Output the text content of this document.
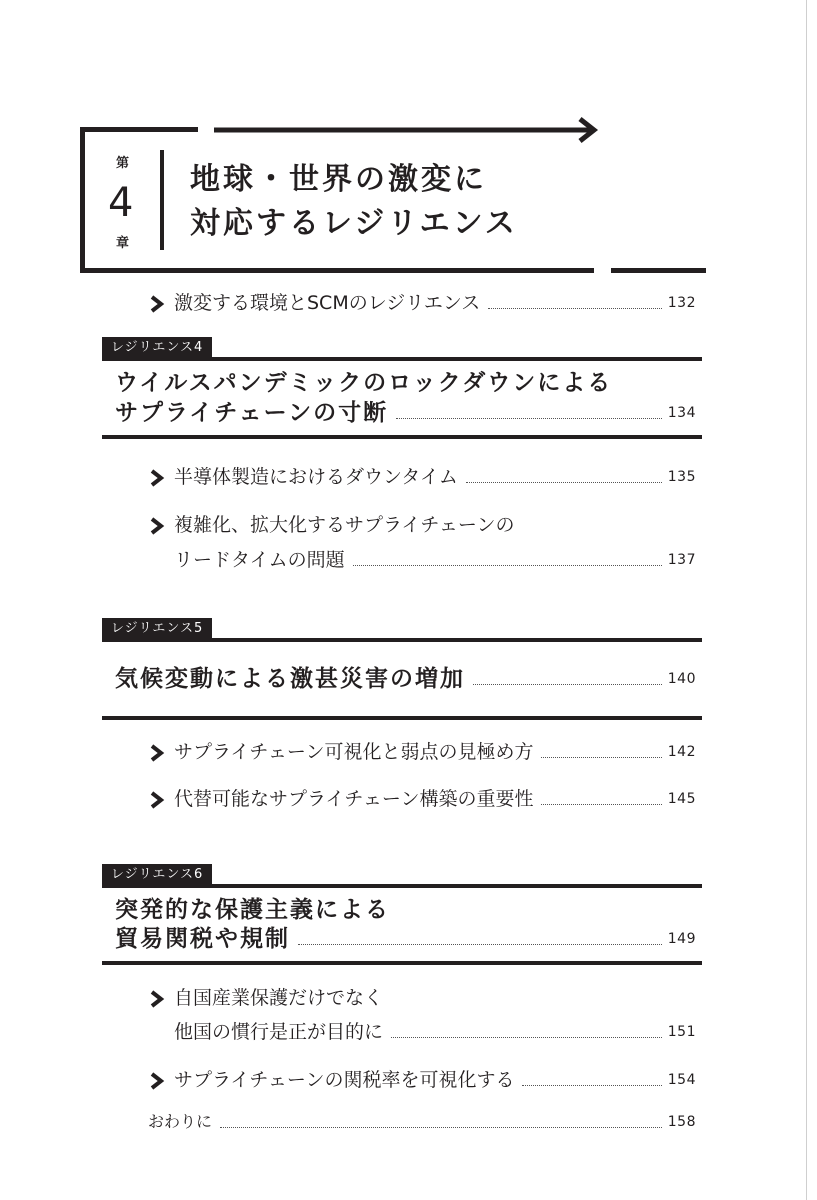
第
4
章
地球・世界の激変に
対応するレジリエンス
激変する環境とSCMのレジリエンス	132
レジリエンス4
ウイルスパンデミックのロックダウンによる
サプライチェーンの寸断	134
半導体製造におけるダウンタイム	135
複雑化、拡大化するサプライチェーンの
リードタイムの問題	137
レジリエンス5
気候変動による激甚災害の増加	140
サプライチェーン可視化と弱点の見極め方	142
代替可能なサプライチェーン構築の重要性	145
レジリエンス6
突発的な保護主義による
貿易関税や規制	149
自国産業保護だけでなく
他国の慣行是正が目的に	151
サプライチェーンの関税率を可視化する	154
おわりに	158
